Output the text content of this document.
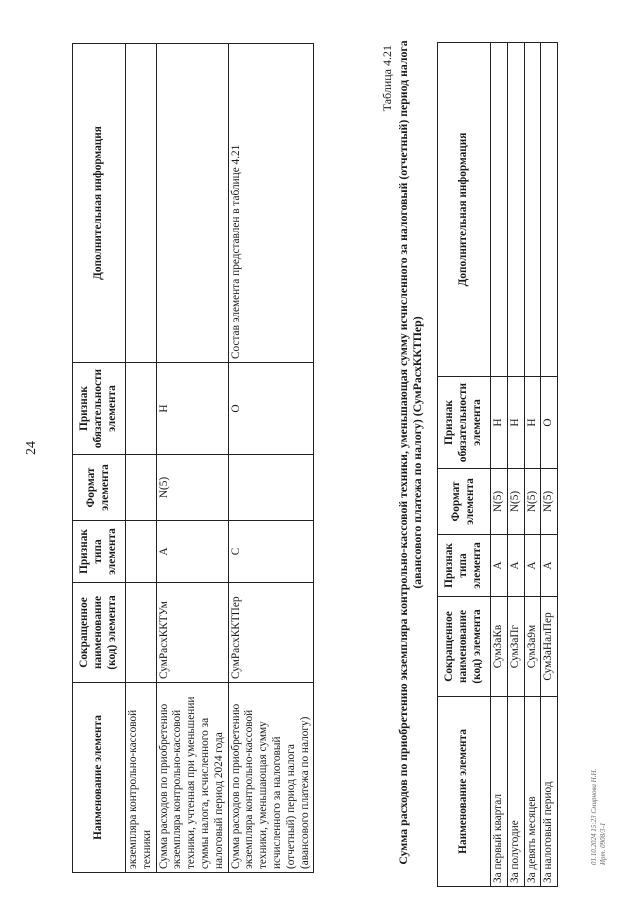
24
Наименование элемента	Сокращенное наименование (код) элемента	Признак типа элемента	Формат элемента	Признак обязательности элемента	Дополнительная информация
экземпляра контрольно-кассовой техники					
Сумма расходов по приобретению экземпляра контрольно-кассовой техники, учтенная при уменьшении суммы налога, исчисленного за налоговый период 2024 года	СумРасхККТУм	А	N(5)	Н	
Сумма расходов по приобретению экземпляра контрольно-кассовой техники, уменьшающая сумму исчисленного за налоговый (отчетный) период налога (авансового платежа по налогу)	СумРасхККТПер	С		О	Состав элемента представлен в таблице 4.21
Таблица 4.21 Сумма расходов по приобретению экземпляра контрольно-кассовой техники, уменьшающая сумму исчисленного за налоговый (отчетный) период налога (авансового платежа по налогу) (СумРасхККТПер)
Наименование элемента	Сокращенное наименование (код) элемента	Признак типа элемента	Формат элемента	Признак обязательности элемента	Дополнительная информация
За первый квартал	СумЗаКв	А	N(5)	Н	
За полугодие	СумЗаПг	А	N(5)	Н	
За девять месяцев	СумЗа9м	А	N(5)	Н	
За налоговый период	СумЗаНалПер	А	N(5)	О	
01.10.2024 15:23 Смирнова Н.Н. Ирт. 0908/3-1
